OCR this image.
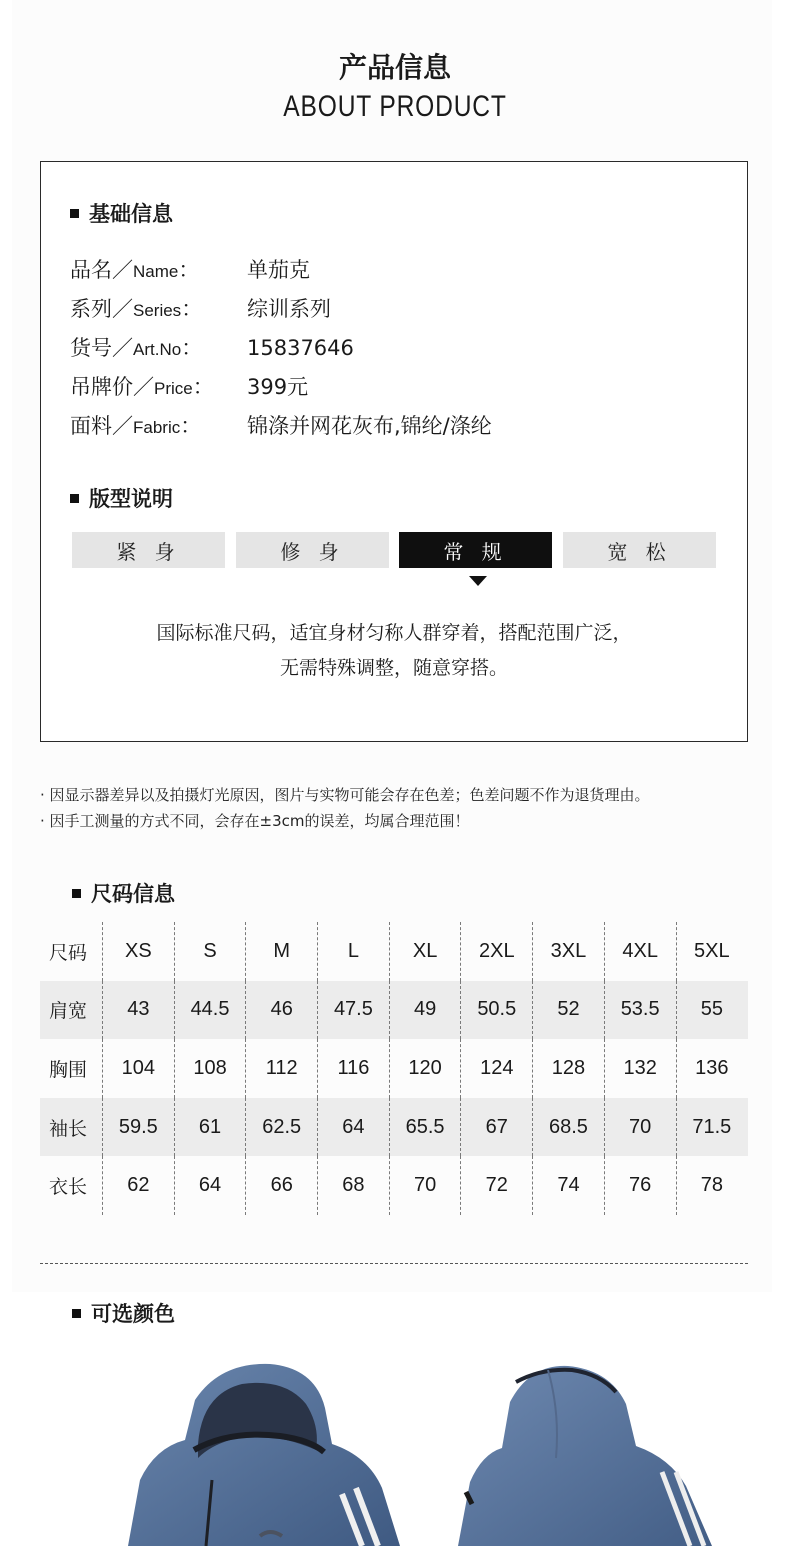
产品信息
ABOUT PRODUCT
基础信息
品名／Name：	单茄克
系列／Series：	综训系列
货号／Art.No：	15837646
吊牌价／Price：	399元
面料／Fabric：	锦涤并网花灰布,锦纶/涤纶
版型说明
紧 身	修 身	常 规	宽 松
国际标准尺码，适宜身材匀称人群穿着，搭配范围广泛，
无需特殊调整，随意穿搭。
· 因显示器差异以及拍摄灯光原因，图片与实物可能会存在色差；色差问题不作为退货理由。
· 因手工测量的方式不同，会存在±3cm的误差，均属合理范围！
尺码信息
尺码	XS	S	M	L	XL	2XL	3XL	4XL	5XL
肩宽	43	44.5	46	47.5	49	50.5	52	53.5	55
胸围	104	108	112	116	120	124	128	132	136
袖长	59.5	61	62.5	64	65.5	67	68.5	70	71.5
衣长	62	64	66	68	70	72	74	76	78
可选颜色
